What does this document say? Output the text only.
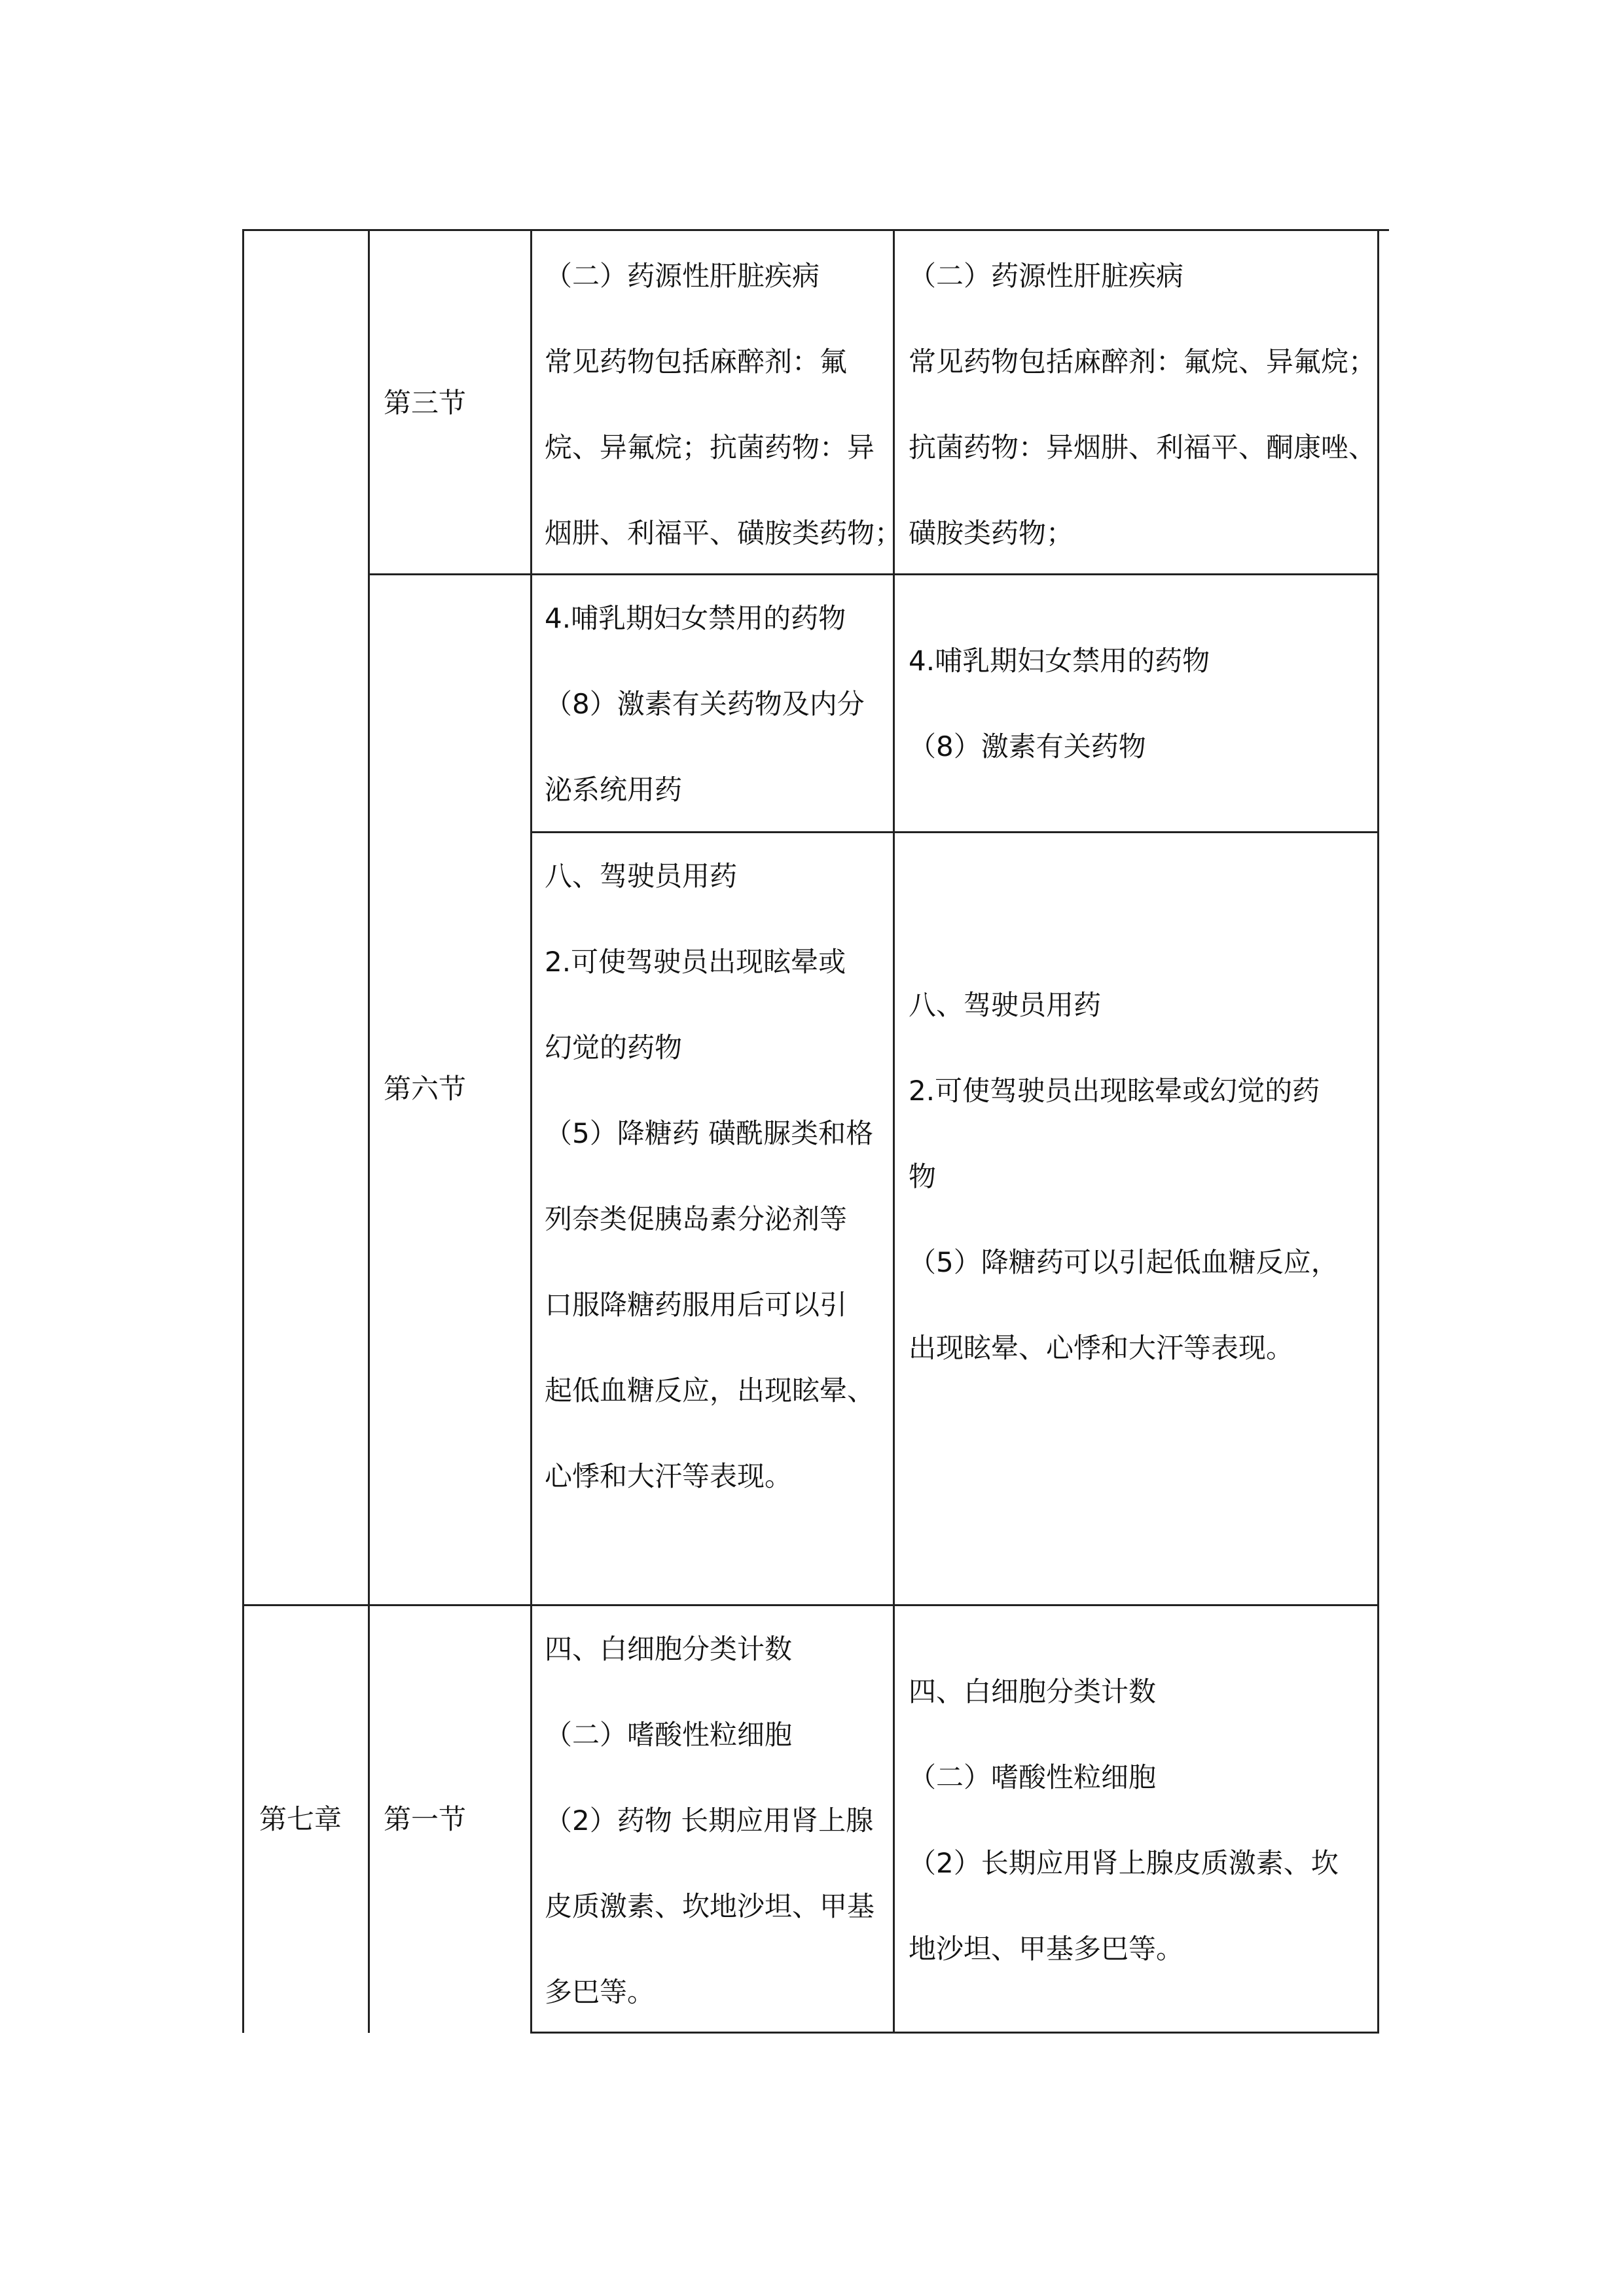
第三节
（二）药源性肝脏疾病
常见药物包括麻醉剂：氟
烷、异氟烷；抗菌药物：异
烟肼、利福平、磺胺类药物；
（二）药源性肝脏疾病
常见药物包括麻醉剂：氟烷、异氟烷；
抗菌药物：异烟肼、利福平、酮康唑、
磺胺类药物；
4.哺乳期妇女禁用的药物
（8）激素有关药物及内分
泌系统用药
4.哺乳期妇女禁用的药物
（8）激素有关药物
第六节
八、驾驶员用药
2.可使驾驶员出现眩晕或
幻觉的药物
（5）降糖药 磺酰脲类和格
列奈类促胰岛素分泌剂等
口服降糖药服用后可以引
起低血糖反应，出现眩晕、
心悸和大汗等表现。
八、驾驶员用药
2.可使驾驶员出现眩晕或幻觉的药
物
（5）降糖药可以引起低血糖反应，
出现眩晕、心悸和大汗等表现。
第七章 第一节
四、白细胞分类计数
（二）嗜酸性粒细胞
（2）药物 长期应用肾上腺
皮质激素、坎地沙坦、甲基
多巴等。
四、白细胞分类计数
（二）嗜酸性粒细胞
（2）长期应用肾上腺皮质激素、坎
地沙坦、甲基多巴等。
